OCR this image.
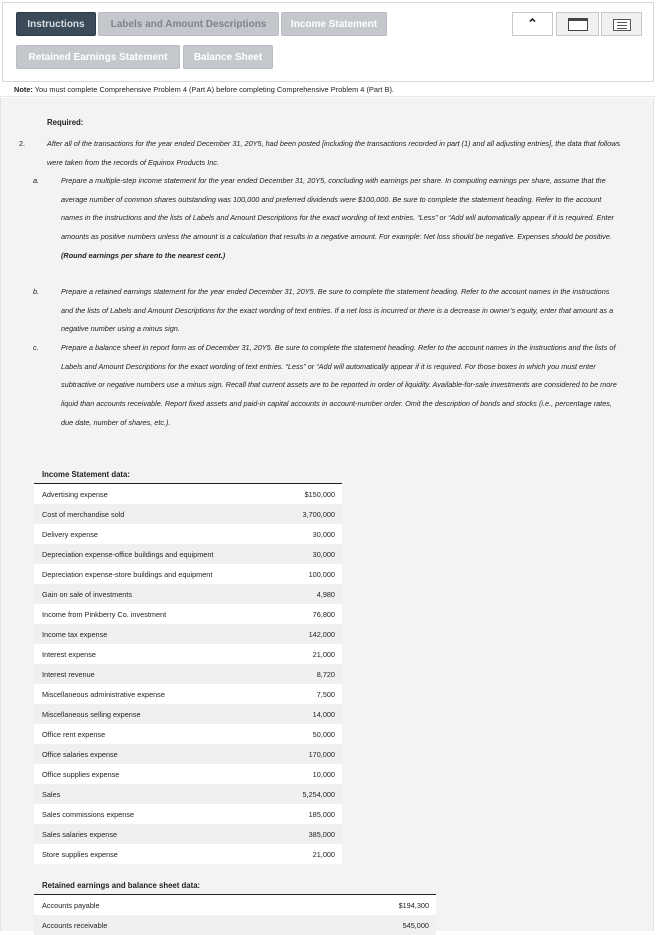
Instructions	Labels and Amount Descriptions	Income Statement
Retained Earnings Statement	Balance Sheet
⌃
Note: You must complete Comprehensive Problem 4 (Part A) before completing Comprehensive Problem 4 (Part B).
Required:
2.	After all of the transactions for the year ended December 31, 20Y5, had been posted [including the transactions recorded in part (1) and all adjusting entries], the data that follows were taken from the records of Equinox Products Inc.
a.	Prepare a multiple-step income statement for the year ended December 31, 20Y5, concluding with earnings per share. In computing earnings per share, assume that the average number of common shares outstanding was 100,000 and preferred dividends were $100,000. Be sure to complete the statement heading. Refer to the account names in the instructions and the lists of Labels and Amount Descriptions for the exact wording of text entries. “Less” or “Add will automatically appear if it is required. Enter amounts as positive numbers unless the amount is a calculation that results in a negative amount. For example: Net loss should be negative. Expenses should be positive. (Round earnings per share to the nearest cent.)
b.	Prepare a retained earnings statement for the year ended December 31, 20Y5. Be sure to complete the statement heading. Refer to the account names in the instructions and the lists of Labels and Amount Descriptions for the exact wording of text entries. If a net loss is incurred or there is a decrease in owner’s equity, enter that amount as a negative number using a minus sign.
c.	Prepare a balance sheet in report form as of December 31, 20Y5. Be sure to complete the statement heading. Refer to the account names in the instructions and the lists of Labels and Amount Descriptions for the exact wording of text entries. “Less” or “Add will automatically appear if it is required. For those boxes in which you must enter subtractive or negative numbers use a minus sign. Recall that current assets are to be reported in order of liquidity. Available-for-sale investments are considered to be more liquid than accounts receivable. Report fixed assets and paid-in capital accounts in account-number order. Omit the description of bonds and stocks (i.e., percentage rates, due date, number of shares, etc.).
Income Statement data:
Advertising expense	$150,000
Cost of merchandise sold	3,700,000
Delivery expense	30,000
Depreciation expense-office buildings and equipment	30,000
Depreciation expense-store buildings and equipment	100,000
Gain on sale of investments	4,980
Income from Pinkberry Co. investment	76,800
Income tax expense	142,000
Interest expense	21,000
Interest revenue	8,720
Miscellaneous administrative expense	7,500
Miscellaneous selling expense	14,000
Office rent expense	50,000
Office salaries expense	170,000
Office supplies expense	10,000
Sales	5,254,000
Sales commissions expense	185,000
Sales salaries expense	385,000
Store supplies expense	21,000
Retained earnings and balance sheet data:
Accounts payable	$194,300
Accounts receivable	545,000
